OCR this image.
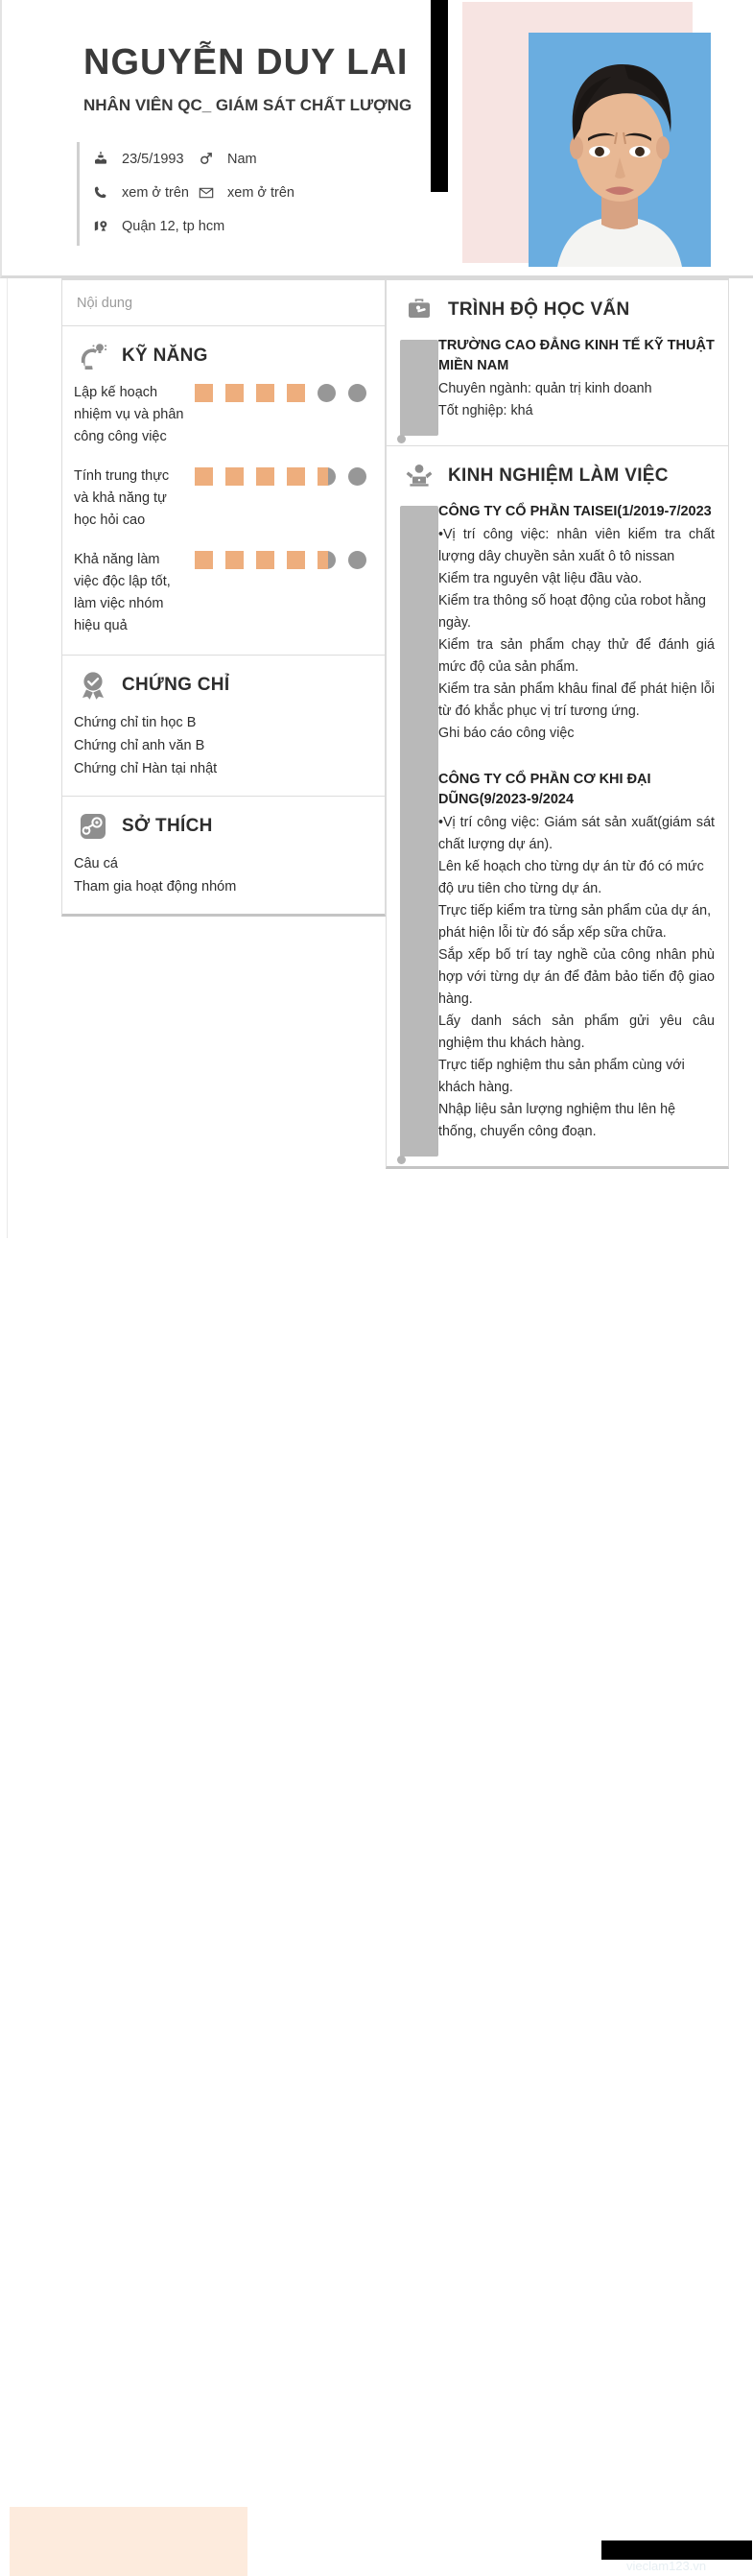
NGUYỄN DUY LAI
NHÂN VIÊN QC_ GIÁM SÁT CHẤT LƯỢNG
23/5/1993	Nam
xem ở trên	xem ở trên
Quận 12, tp hcm
Nội dung
KỸ NĂNG
Lập kế hoạch nhiệm vụ và phân công công việc
Tính trung thực và khả năng tự học hỏi cao
Khả năng làm việc độc lập tốt, làm việc nhóm hiệu quả
CHỨNG CHỈ
Chứng chỉ tin học B
Chứng chỉ anh văn B
Chứng chỉ Hàn tại nhật
SỞ THÍCH
Câu cá
Tham gia hoạt động nhóm
TRÌNH ĐỘ HỌC VẤN
TRƯỜNG CAO ĐẲNG KINH TẾ KỸ THUẬT MIỀN NAM
Chuyên ngành: quản trị kinh doanh
Tốt nghiệp: khá
KINH NGHIỆM LÀM VIỆC
CÔNG TY CỔ PHẦN TAISEI(1/2019-7/2023
•Vị trí công việc: nhân viên kiểm tra chất lượng dây chuyền sản xuất ô tô nissan
Kiểm tra nguyên vật liệu đầu vào.
Kiểm tra thông số hoạt động của robot hằng ngày.
Kiểm tra sản phẩm chạy thử để đánh giá mức độ của sản phẩm.
Kiểm tra sản phẩm khâu final để phát hiện lỗi từ đó khắc phục vị trí tương ứng.
Ghi báo cáo công việc
CÔNG TY CỔ PHẦN CƠ KHI ĐẠI DŨNG(9/2023-9/2024
•Vị trí công việc: Giám sát sản xuất(giám sát chất lượng dự án).
Lên kế hoạch cho từng dự án từ đó có mức độ ưu tiên cho từng dự án.
Trực tiếp kiểm tra từng sản phẩm của dự án, phát hiện lỗi từ đó sắp xếp sữa chữa.
Sắp xếp bố trí tay nghề của công nhân phù hợp với từng dự án để đảm bảo tiến độ giao hàng.
Lấy danh sách sản phẩm gửi yêu câu nghiệm thu khách hàng.
Trực tiếp nghiệm thu sản phẩm cùng với khách hàng.
Nhập liệu sản lượng nghiệm thu lên hệ thống, chuyển công đoạn.
vieclam123.vn
